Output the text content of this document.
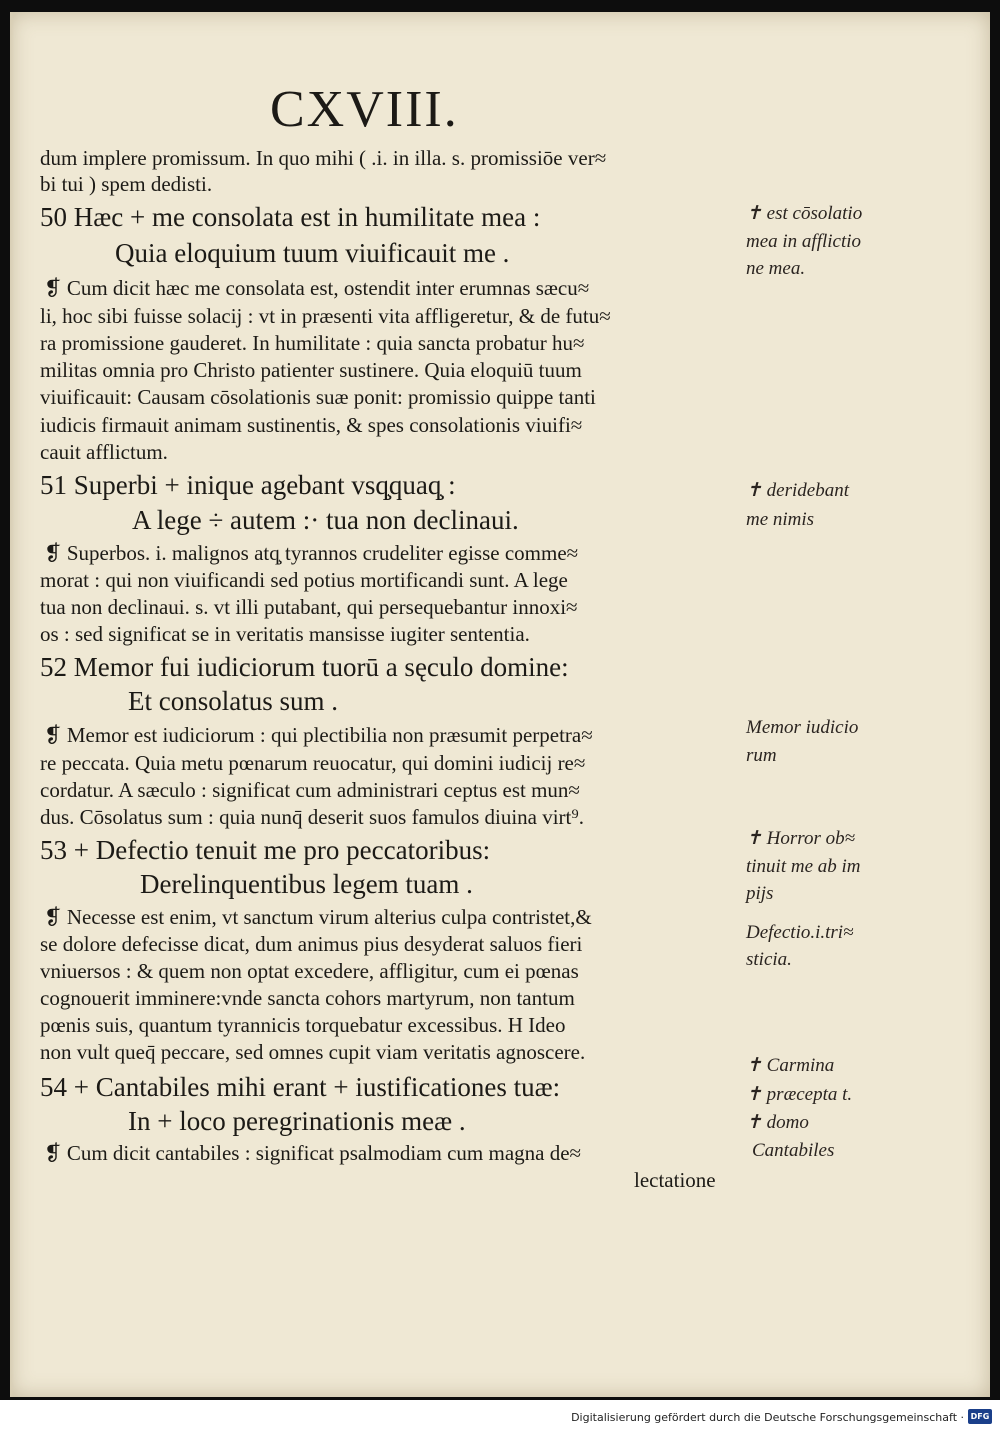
CXVIII.
dum implere promissum. In quo mihi ( .i. in illa. s. promissiōe ver≈
bi tui ) spem dedisti.
50 Hæc + me consolata est in humilitate mea :
Quia eloquium tuum viuificauit me .
❡ Cum dicit hæc me consolata est, ostendit inter erumnas sæcu≈
li, hoc sibi fuisse solacij : vt in præsenti vita affligeretur, & de futu≈
ra promissione gauderet. In humilitate : quia sancta probatur hu≈
militas omnia pro Christo patienter sustinere. Quia eloquiū tuum
viuificauit: Causam cōsolationis suæ ponit: promissio quippe tanti
iudicis firmauit animam sustinentis, & spes consolationis viuifi≈
cauit afflictum.
51 Superbi + inique agebant vsq̧quaq̧ :
A lege ÷ autem :· tua non declinaui.
❡ Superbos. i. malignos atq̧ tyrannos crudeliter egisse comme≈
morat : qui non viuificandi sed potius mortificandi sunt. A lege
tua non declinaui. s. vt illi putabant, qui persequebantur innoxi≈
os : sed significat se in veritatis mansisse iugiter sententia.
52 Memor fui iudiciorum tuorū a sęculo domine:
Et consolatus sum .
❡ Memor est iudiciorum : qui plectibilia non præsumit perpetra≈
re peccata. Quia metu pœnarum reuocatur, qui domini iudicij re≈
cordatur. A sæculo : significat cum administrari ceptus est mun≈
dus. Cōsolatus sum : quia nunq̄ deserit suos famulos diuina virt⁹.
53 + Defectio tenuit me pro peccatoribus:
Derelinquentibus legem tuam .
❡ Necesse est enim, vt sanctum virum alterius culpa contristet,&
se dolore defecisse dicat, dum animus pius desyderat saluos fieri
vniuersos : & quem non optat excedere, affligitur, cum ei pœnas
cognouerit imminere:vnde sancta cohors martyrum, non tantum
pœnis suis, quantum tyrannicis torquebatur excessibus. H Ideo
non vult queq̄ peccare, sed omnes cupit viam veritatis agnoscere.
54 + Cantabiles mihi erant + iustificationes tuæ:
In + loco peregrinationis meæ .
❡ Cum dicit cantabiles : significat psalmodiam cum magna de≈
lectatione
✝ est cōsolatio
mea in afflictio
ne mea.
✝ deridebant
me nimis
Memor iudicio
rum
✝ Horror ob≈
tinuit me ab im
pijs
Defectio.i.tri≈
sticia.
✝ Carmina
✝ præcepta t.
✝ domo
Cantabiles
Digitalisierung gefördert durch die Deutsche Forschungsgemeinschaft · DFG
